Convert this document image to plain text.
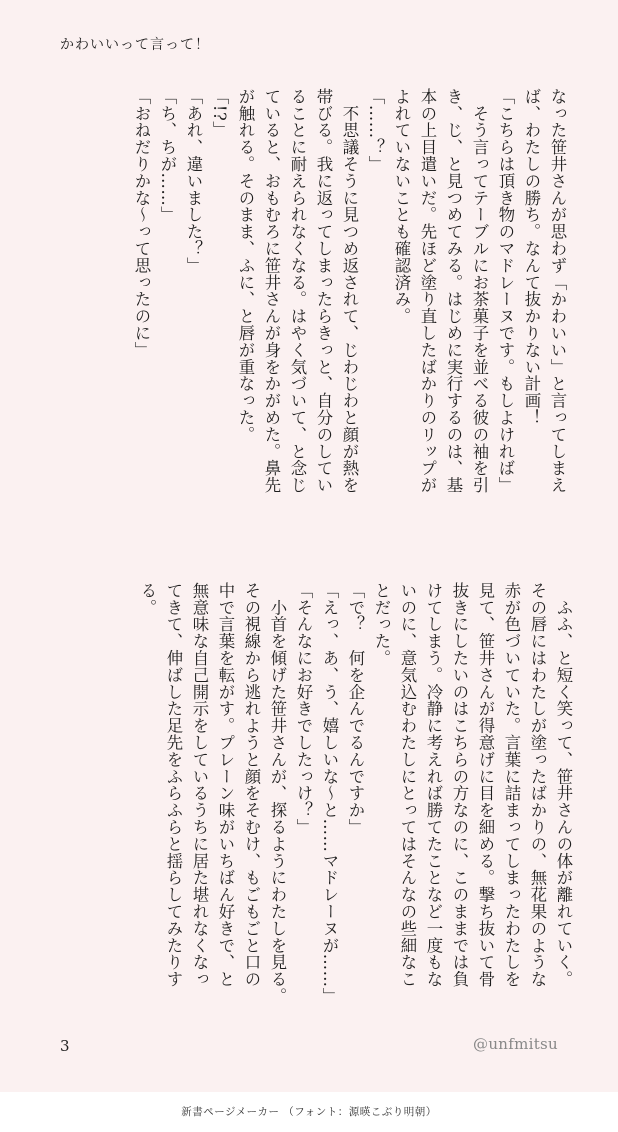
かわいいって言って！
なった笹井さんが思わず「かわいい」と言ってしまえ
ば、わたしの勝ち。なんて抜かりない計画！
「こちらは頂き物のマドレーヌです。もしよければ」
　そう言ってテーブルにお茶菓子を並べる彼の袖を引
き、じ、と見つめてみる。はじめに実行するのは、基
本の上目遣いだ。先ほど塗り直したばかりのリップが
よれていないことも確認済み。
「……？」
　不思議そうに見つめ返されて、じわじわと顔が熱を
帯びる。我に返ってしまったらきっと、自分のしてい
ることに耐えられなくなる。はやく気づいて、と念じ
ていると、おもむろに笹井さんが身をかがめた。鼻先
が触れる。そのまま、ふに、と唇が重なった。
「!?」
「あれ、違いました？」
「ち、ちが……」
「おねだりかな〜って思ったのに」
　ふふ、と短く笑って、笹井さんの体が離れていく。
その唇にはわたしが塗ったばかりの、無花果のような
赤が色づいていた。言葉に詰まってしまったわたしを
見て、笹井さんが得意げに目を細める。撃ち抜いて骨
抜きにしたいのはこちらの方なのに、このままでは負
けてしまう。冷静に考えれば勝てたことなど一度もな
いのに、意気込むわたしにとってはそんなの些細なこ
とだった。
「で？　何を企んでるんですか」
「えっ、あ、う、嬉しいな〜と……マドレーヌが……」
「そんなにお好きでしたっけ？」
　小首を傾げた笹井さんが、探るようにわたしを見る。
その視線から逃れようと顔をそむけ、もごもごと口の
中で言葉を転がす。プレーン味がいちばん好きで、と
無意味な自己開示をしているうちに居た堪れなくなっ
てきて、伸ばした足先をふらふらと揺らしてみたりす
る。
3	@unfmitsu
新書ページメーカー （フォント：源暎こぶり明朝）
